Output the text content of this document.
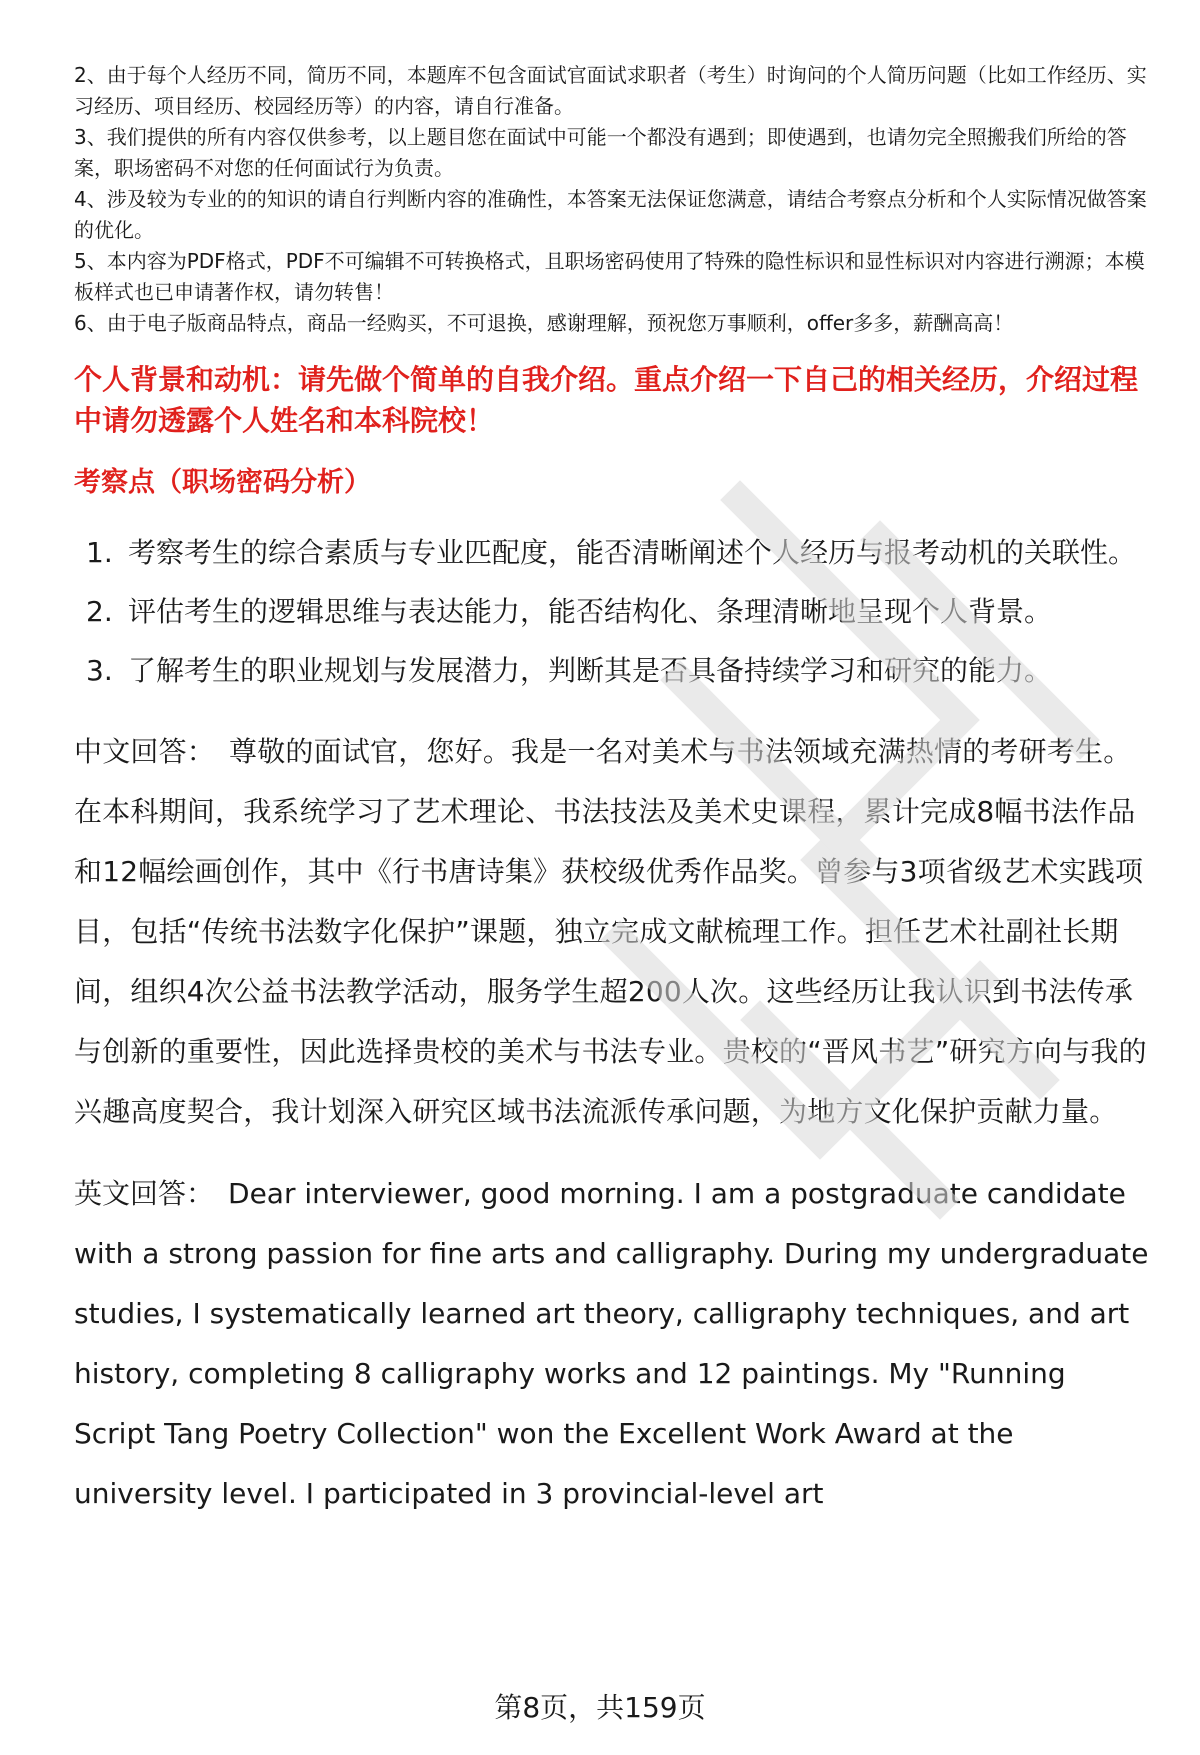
2、由于每个人经历不同，简历不同，本题库不包含面试官面试求职者（考生）时询问的个人简历问题（比如工作经历、实习经历、项目经历、校园经历等）的内容，请自行准备。

3、我们提供的所有内容仅供参考，以上题目您在面试中可能一个都没有遇到；即使遇到，也请勿完全照搬我们所给的答案，职场密码不对您的任何面试行为负责。

4、涉及较为专业的的知识的请自行判断内容的准确性，本答案无法保证您满意，请结合考察点分析和个人实际情况做答案的优化。

5、本内容为PDF格式，PDF不可编辑不可转换格式，且职场密码使用了特殊的隐性标识和显性标识对内容进行溯源；本模板样式也已申请著作权，请勿转售！

6、由于电子版商品特点，商品一经购买，不可退换，感谢理解，预祝您万事顺利，offer多多，薪酬高高！

个人背景和动机：请先做个简单的自我介绍。重点介绍一下自己的相关经历，介绍过程中请勿透露个人姓名和本科院校！
考察点（职场密码分析）
1. 考察考生的综合素质与专业匹配度，能否清晰阐述个人经历与报考动机的关联性。
2. 评估考生的逻辑思维与表达能力，能否结构化、条理清晰地呈现个人背景。
3. 了解考生的职业规划与发展潜力，判断其是否具备持续学习和研究的能力。

中文回答： 尊敬的面试官，您好。我是一名对美术与书法领域充满热情的考研考生。在本科期间，我系统学习了艺术理论、书法技法及美术史课程，累计完成8幅书法作品和12幅绘画创作，其中《行书唐诗集》获校级优秀作品奖。曾参与3项省级艺术实践项目，包括“传统书法数字化保护”课题，独立完成文献梳理工作。担任艺术社副社长期间，组织4次公益书法教学活动，服务学生超200人次。这些经历让我认识到书法传承与创新的重要性，因此选择贵校的美术与书法专业。贵校的“晋风书艺”研究方向与我的兴趣高度契合，我计划深入研究区域书法流派传承问题，为地方文化保护贡献力量。

英文回答： Dear interviewer, good morning. I am a postgraduate candidate with a strong passion for fine arts and calligraphy. During my undergraduate studies, I systematically learned art theory, calligraphy techniques, and art history, completing 8 calligraphy works and 12 paintings. My "Running Script Tang Poetry Collection" won the Excellent Work Award at the university level. I participated in 3 provincial-level art

第8页，共159页
